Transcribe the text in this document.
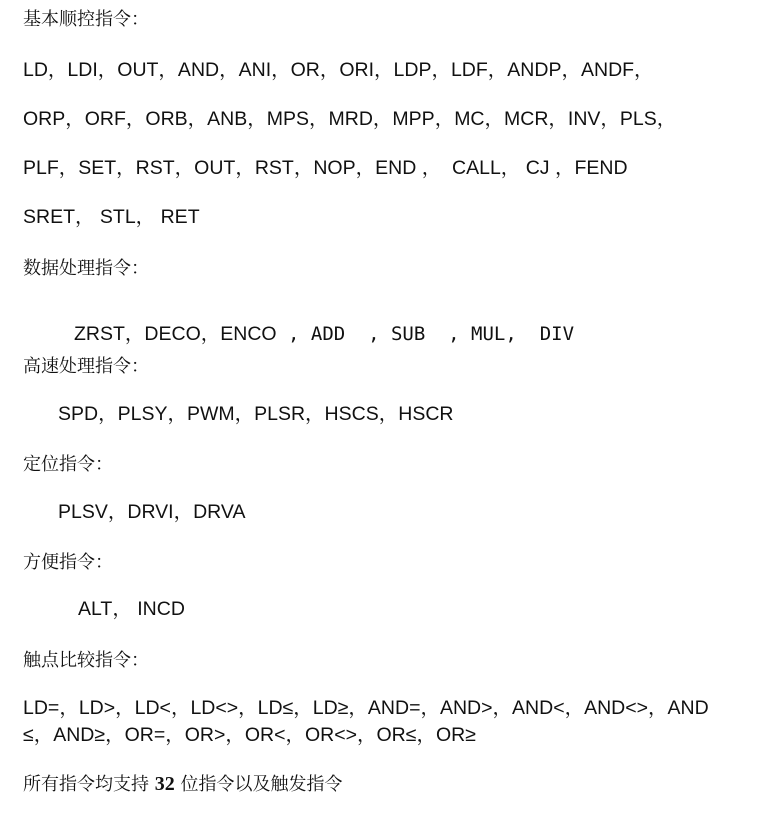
基本顺控指令：
LD，LDI，OUT，AND，ANI，OR，ORI，LDP，LDF，ANDP，ANDF，
ORP，ORF，ORB，ANB，MPS，MRD，MPP，MC，MCR，INV，PLS，
PLF，SET，RST，OUT，RST，NOP，END ，  CALL， CJ ，FEND
SRET， STL， RET
数据处理指令：

ZRST，DECO，ENCO , ADD  , SUB  , MUL,  DIV

高速处理指令：
SPD，PLSY，PWM，PLSR，HSCS，HSCR
定位指令：
PLSV，DRVI，DRVA
方便指令：
ALT， INCD
触点比较指令：
LD=，LD>，LD<，LD<>，LD≤，LD≥，AND=，AND>，AND<，AND<>，AND
≤，AND≥，OR=，OR>，OR<，OR<>，OR≤，OR≥
所有指令均支持 32 位指令以及触发指令
